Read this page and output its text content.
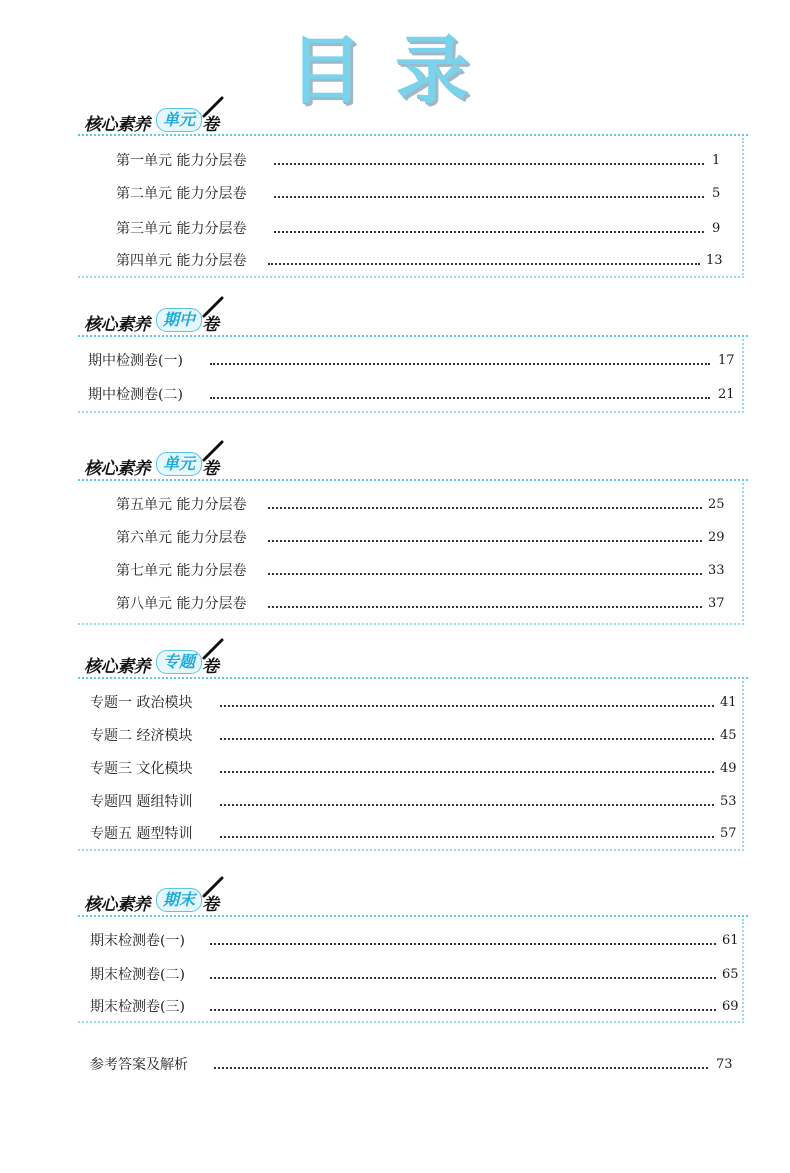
目录
核心素养 单元 卷
第一单元 能力分层卷	1
第二单元 能力分层卷	5
第三单元 能力分层卷	9
第四单元 能力分层卷	13
核心素养 期中 卷
期中检测卷(一)	17
期中检测卷(二)	21
核心素养 单元 卷
第五单元 能力分层卷	25
第六单元 能力分层卷	29
第七单元 能力分层卷	33
第八单元 能力分层卷	37
核心素养 专题 卷
专题一 政治模块	41
专题二 经济模块	45
专题三 文化模块	49
专题四 题组特训	53
专题五 题型特训	57
核心素养 期末 卷
期末检测卷(一)	61
期末检测卷(二)	65
期末检测卷(三)	69
参考答案及解析	73
